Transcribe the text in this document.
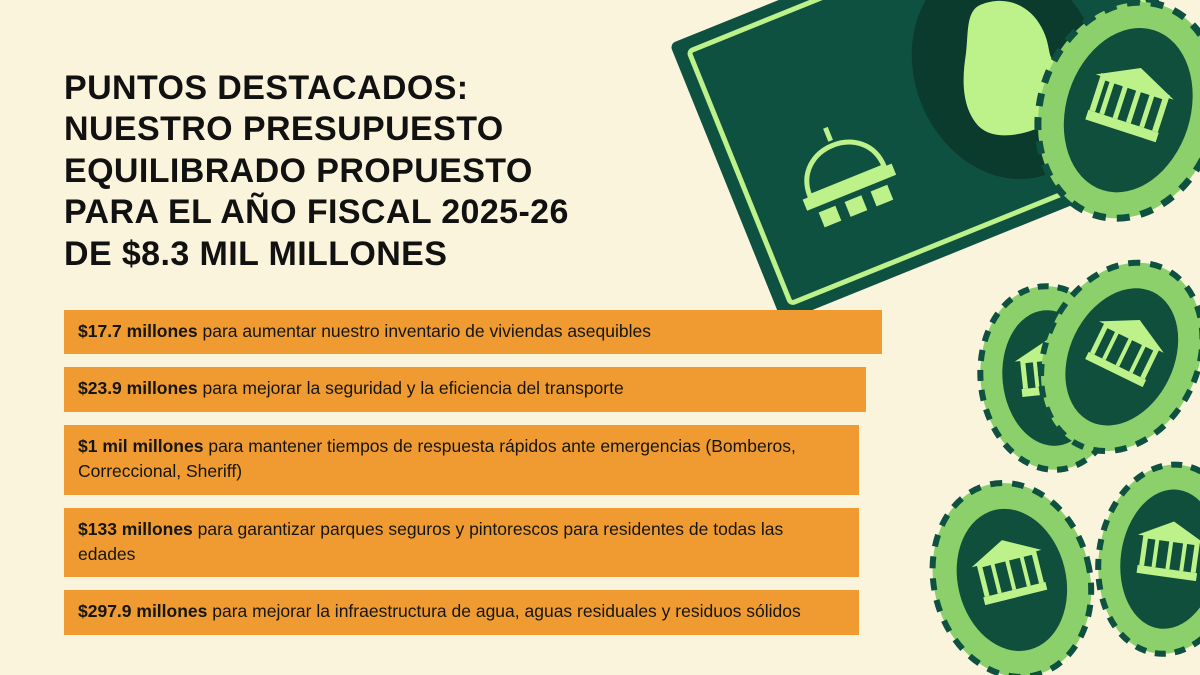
PUNTOS DESTACADOS:
NUESTRO PRESUPUESTO
EQUILIBRADO PROPUESTO
PARA EL AÑO FISCAL 2025-26
DE $8.3 MIL MILLONES
$17.7 millones para aumentar nuestro inventario de viviendas asequibles
$23.9 millones para mejorar la seguridad y la eficiencia del transporte
$1 mil millones para mantener tiempos de respuesta rápidos ante emergencias (Bomberos, Correccional, Sheriff)
$133 millones para garantizar parques seguros y pintorescos para residentes de todas las edades
$297.9 millones para mejorar la infraestructura de agua, aguas residuales y residuos sólidos
